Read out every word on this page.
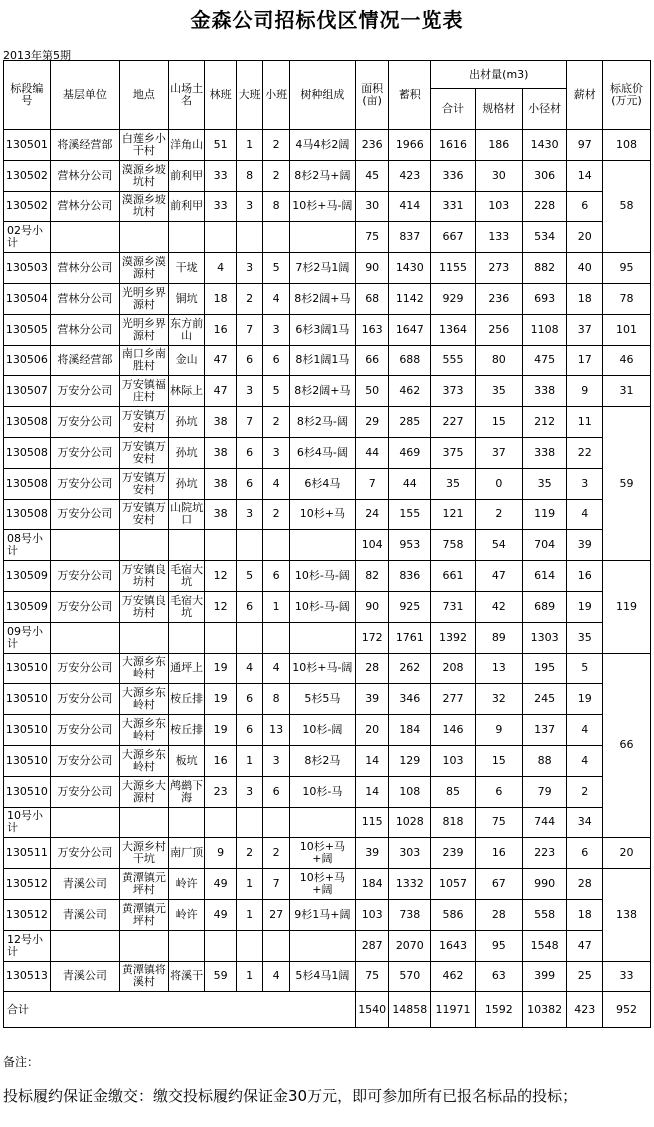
金森公司招标伐区情况一览表
2013年第5期
标段编号	基层单位	地点	山场土名	林班	大班	小班	树种组成	面积(亩)	蓄积	出材量(m3)			薪材	标底价(万元)
										合计	规格材	小径材		
130501	将溪经营部	白莲乡小干村	洋角山	51	1	2	4马4杉2阔	236	1966	1616	186	1430	97	108
130502	营林分公司	漠源乡坡坑村	前利甲	33	8	2	8杉2马+阔	45	423	336	30	306	14	58
130502	营林分公司	漠源乡坡坑村	前利甲	33	3	8	10杉+马-阔	30	414	331	103	228	6	
02号小计								75	837	667	133	534	20	
130503	营林分公司	漠源乡漠源村	干垅	4	3	5	7杉2马1阔	90	1430	1155	273	882	40	95
130504	营林分公司	光明乡界源村	铜坑	18	2	4	8杉2阔+马	68	1142	929	236	693	18	78
130505	营林分公司	光明乡界源村	东方前山	16	7	3	6杉3阔1马	163	1647	1364	256	1108	37	101
130506	将溪经营部	南口乡南胜村	金山	47	6	6	8杉1阔1马	66	688	555	80	475	17	46
130507	万安分公司	万安镇福庄村	林际上	47	3	5	8杉2阔+马	50	462	373	35	338	9	31
130508	万安分公司	万安镇万安村	孙坑	38	7	2	8杉2马-阔	29	285	227	15	212	11	59
130508	万安分公司	万安镇万安村	孙坑	38	6	3	6杉4马-阔	44	469	375	37	338	22	
130508	万安分公司	万安镇万安村	孙坑	38	6	4	6杉4马	7	44	35	0	35	3	
130508	万安分公司	万安镇万安村	山院坑口	38	3	2	10杉+马	24	155	121	2	119	4	
08号小计								104	953	758	54	704	39	
130509	万安分公司	万安镇良坊村	毛宿大坑	12	5	6	10杉-马-阔	82	836	661	47	614	16	119
130509	万安分公司	万安镇良坊村	毛宿大坑	12	6	1	10杉-马-阔	90	925	731	42	689	19	
09号小计								172	1761	1392	89	1303	35	
130510	万安分公司	大源乡东岭村	通坪上	19	4	4	10杉+马-阔	28	262	208	13	195	5	66
130510	万安分公司	大源乡东岭村	桉丘排	19	6	8	5杉5马	39	346	277	32	245	19	
130510	万安分公司	大源乡东岭村	桉丘排	19	6	13	10杉-阔	20	184	146	9	137	4	
130510	万安分公司	大源乡东岭村	板坑	16	1	3	8杉2马	14	129	103	15	88	4	
130510	万安分公司	大源乡大源村	鸬鹚下海	23	3	6	10杉-马	14	108	85	6	79	2	
10号小计								115	1028	818	75	744	34	
130511	万安分公司	大源乡村干坑	南厂顶	9	2	2	10杉+马+阔	39	303	239	16	223	6	20
130512	青溪公司	黄潭镇元坪村	岭许	49	1	7	10杉+马+阔	184	1332	1057	67	990	28	138
130512	青溪公司	黄潭镇元坪村	岭许	49	1	27	9杉1马+阔	103	738	586	28	558	18	
12号小计								287	2070	1643	95	1548	47	
130513	青溪公司	黄潭镇将溪村	将溪干	59	1	4	5杉4马1阔	75	570	462	63	399	25	33
合计								1540	14858	11971	1592	10382	423	952
备注：
投标履约保证金缴交：缴交投标履约保证金30万元，即可参加所有已报名标品的投标；
